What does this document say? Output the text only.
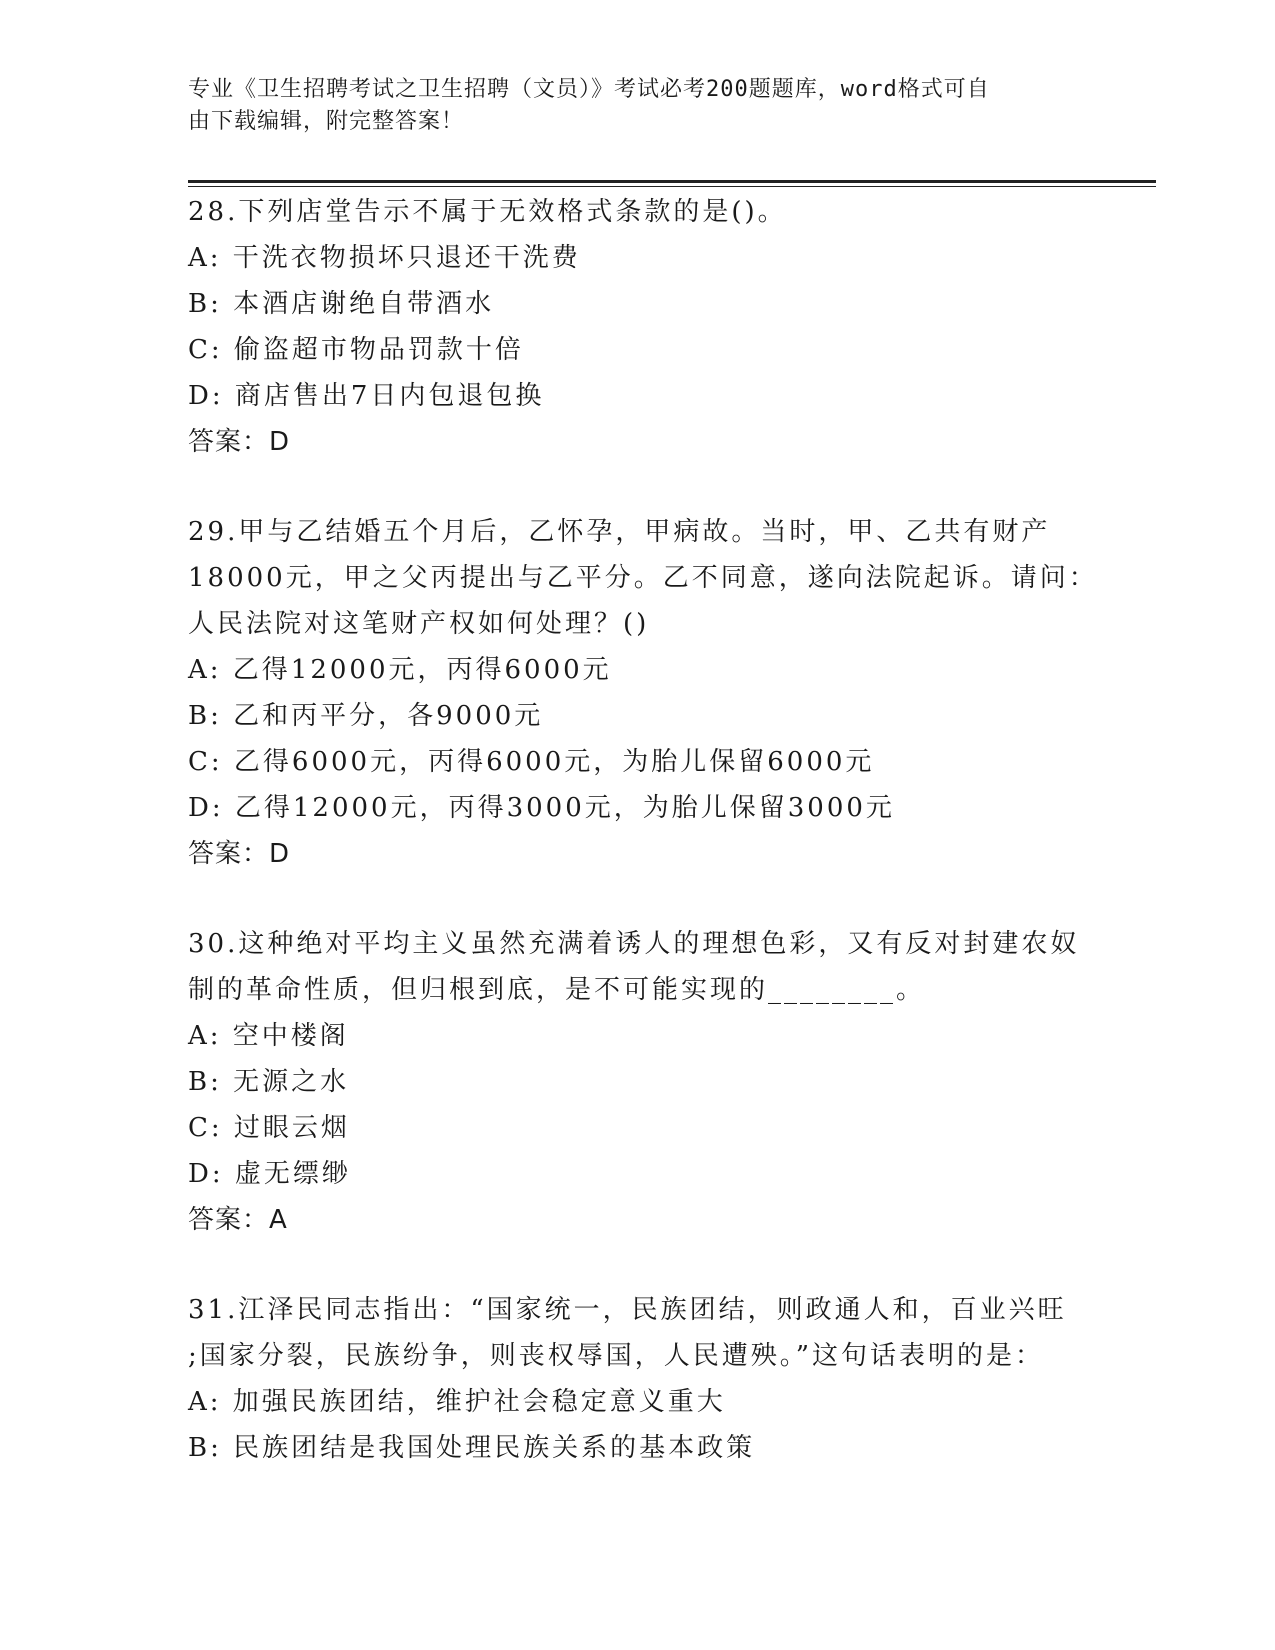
专业《卫生招聘考试之卫生招聘（文员）》考试必考200题题库，word格式可自
由下载编辑，附完整答案！
28.下列店堂告示不属于无效格式条款的是()。
A: 干洗衣物损坏只退还干洗费
B: 本酒店谢绝自带酒水
C: 偷盗超市物品罚款十倍
D: 商店售出7日内包退包换
答案：D
29.甲与乙结婚五个月后，乙怀孕，甲病故。当时，甲、乙共有财产
18000元，甲之父丙提出与乙平分。乙不同意，遂向法院起诉。请问：
人民法院对这笔财产权如何处理？()
A: 乙得12000元，丙得6000元
B: 乙和丙平分，各9000元
C: 乙得6000元，丙得6000元，为胎儿保留6000元
D: 乙得12000元，丙得3000元，为胎儿保留3000元
答案：D
30.这种绝对平均主义虽然充满着诱人的理想色彩，又有反对封建农奴
制的革命性质，但归根到底，是不可能实现的________。
A: 空中楼阁
B: 无源之水
C: 过眼云烟
D: 虚无缥缈
答案：A
31.江泽民同志指出：“国家统一，民族团结，则政通人和，百业兴旺
;国家分裂，民族纷争，则丧权辱国，人民遭殃。”这句话表明的是：
A: 加强民族团结，维护社会稳定意义重大
B: 民族团结是我国处理民族关系的基本政策
